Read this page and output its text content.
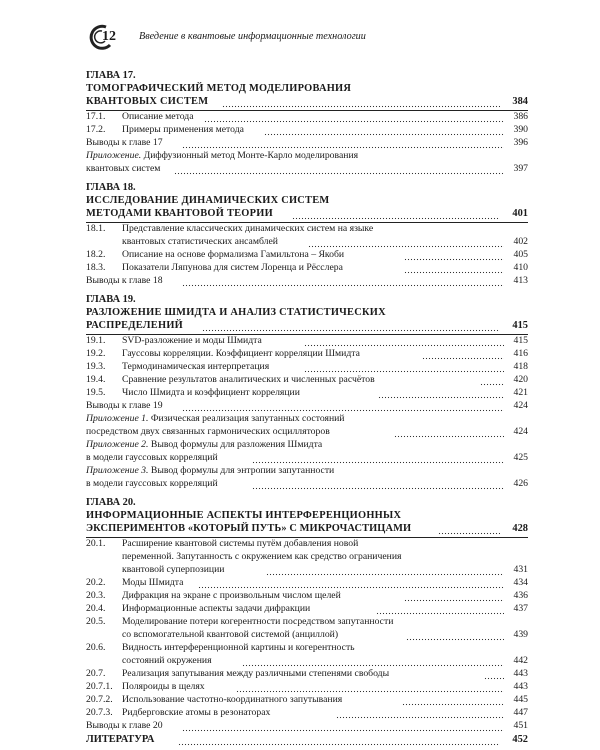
12 Введение в квантовые информационные технологии
ГЛАВА 17.
ТОМОГРАФИЧЕСКИЙ МЕТОД МОДЕЛИРОВАНИЯ
КВАНТОВЫХ СИСТЕМ	384
17.1. Описание метода	386
17.2. Примеры применения метода	390
Выводы к главе 17	396
Приложение. Диффузионный метод Монте-Карло моделирования
квантовых систем	397
ГЛАВА 18.
ИССЛЕДОВАНИЕ ДИНАМИЧЕСКИХ СИСТЕМ
МЕТОДАМИ КВАНТОВОЙ ТЕОРИИ	401
18.1. Представление классических динамических систем на языке
квантовых статистических ансамблей	402
18.2. Описание на основе формализма Гамильтона – Якоби	405
18.3. Показатели Ляпунова для систем Лоренца и Рёсслера	410
Выводы к главе 18	413
ГЛАВА 19.
РАЗЛОЖЕНИЕ ШМИДТА И АНАЛИЗ СТАТИСТИЧЕСКИХ
РАСПРЕДЕЛЕНИЙ	415
19.1. SVD-разложение и моды Шмидта	415
19.2. Гауссовы корреляции. Коэффициент корреляции Шмидта	416
19.3. Термодинамическая интерпретация	418
19.4. Сравнение результатов аналитических и численных расчётов	420
19.5. Число Шмидта и коэффициент корреляции	421
Выводы к главе 19	424
Приложение 1. Физическая реализация запутанных состояний
посредством двух связанных гармонических осцилляторов	424
Приложение 2. Вывод формулы для разложения Шмидта
в модели гауссовых корреляций	425
Приложение 3. Вывод формулы для энтропии запутанности
в модели гауссовых корреляций	426
ГЛАВА 20.
ИНФОРМАЦИОННЫЕ АСПЕКТЫ ИНТЕРФЕРЕНЦИОННЫХ
ЭКСПЕРИМЕНТОВ «КОТОРЫЙ ПУТЬ» С МИКРОЧАСТИЦАМИ	428
20.1. Расширение квантовой системы путём добавления новой
переменной. Запутанность с окружением как средство ограничения
квантовой суперпозиции	431
20.2. Моды Шмидта	434
20.3. Дифракция на экране с произвольным числом щелей	436
20.4. Информационные аспекты задачи дифракции	437
20.5. Моделирование потери когерентности посредством запутанности
со вспомогательной квантовой системой (анциллой)	439
20.6. Видность интерференционной картины и когерентность
состояний окружения	442
20.7. Реализация запутывания между различными степенями свободы	443
20.7.1. Поляроиды в щелях	443
20.7.2. Использование частотно-координатного запутывания	445
20.7.3. Ридберговские атомы в резонаторах	447
Выводы к главе 20	451
ЛИТЕРАТУРА	452
